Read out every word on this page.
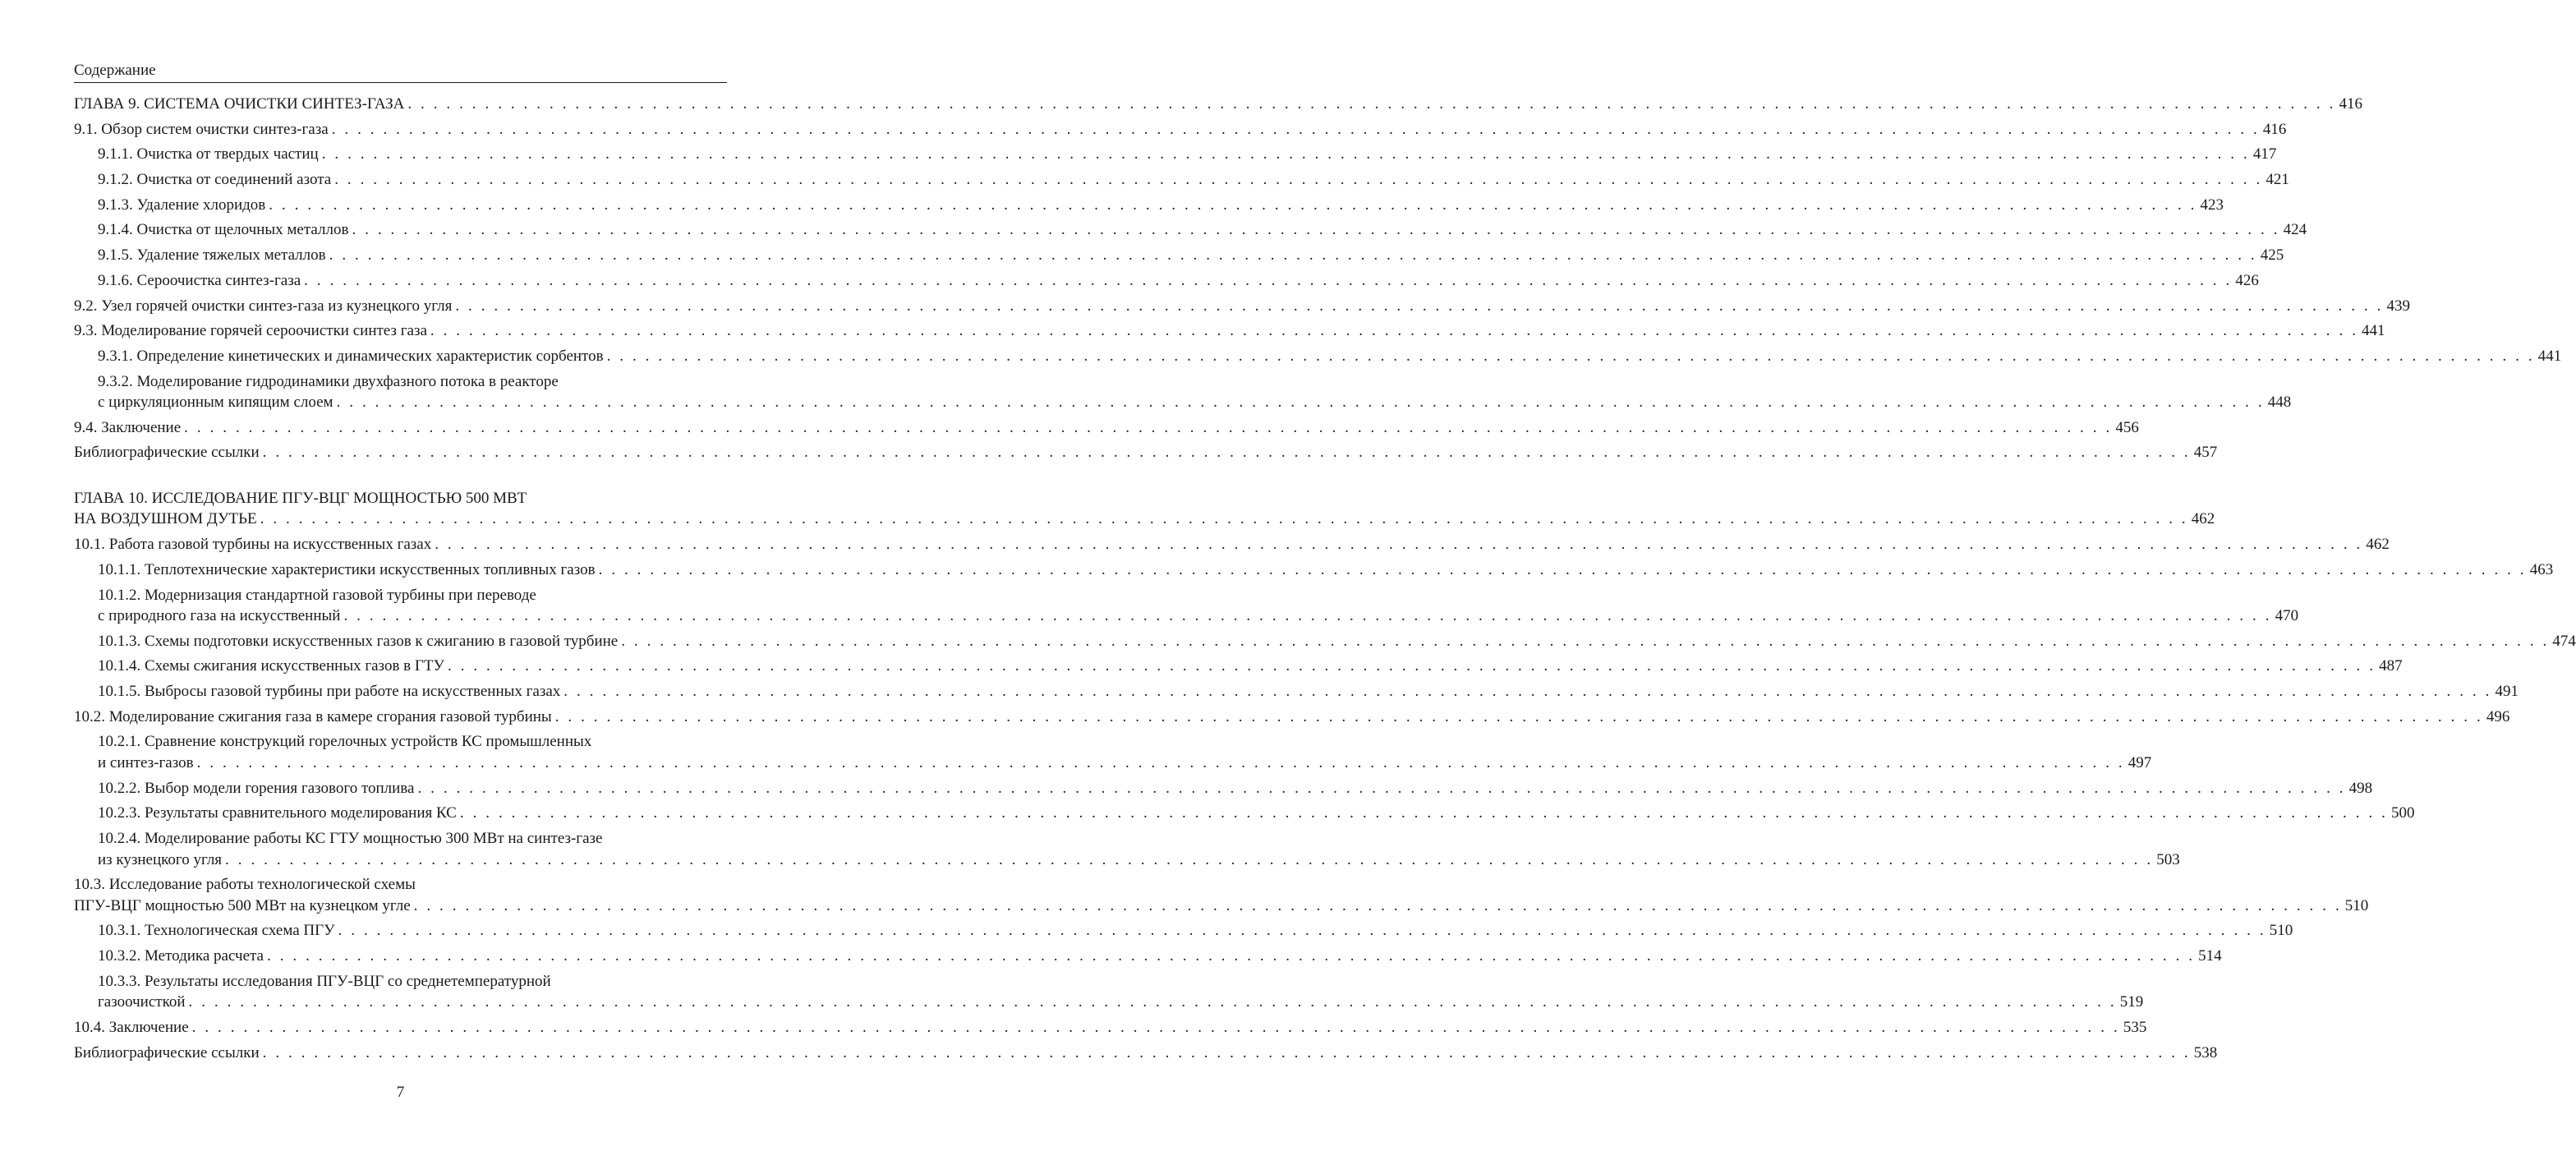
Содержание
ГЛАВА 9. СИСТЕМА ОЧИСТКИ СИНТЕЗ-ГАЗА . . . . . . . . . . . . . . . . . . . . . . . . . . . . . . . . . . . . . . . . . . . . . . . . . . . . . . . . . . . . . . . . . . . . . . . . . . . . . . . . . . . . . . . . . . . . . . . . . . . . . . . . . . . . . . . . . . . . . . . . . . . . . . . . . . . . . . . . . . . . . . . . . . . . . . 416
9.1. Обзор систем очистки синтез-газа . . . . . . . . . . . . . . . . . . . . . . . . . . . . . . . . . . . . . . . . . . . . . . . . . . . . . . . . . . . . . . . . . . . . . . . . . . . . . . . . . . . . . . . . . . . . . . . . . . . . . . . . . . . . . . . . . . . . . . . . . . . . . . . . . . . . . . . . . . . . . . . . . . . . . . 416
9.1.1. Очистка от твердых частиц . . . . . . . . . . . . . . . . . . . . . . . . . . . . . . . . . . . . . . . . . . . . . . . . . . . . . . . . . . . . . . . . . . . . . . . . . . . . . . . . . . . . . . . . . . . . . . . . . . . . . . . . . . . . . . . . . . . . . . . . . . . . . . . . . . . . . . . . . . . . . . . . . . . . . . 417
9.1.2. Очистка от соединений азота . . . . . . . . . . . . . . . . . . . . . . . . . . . . . . . . . . . . . . . . . . . . . . . . . . . . . . . . . . . . . . . . . . . . . . . . . . . . . . . . . . . . . . . . . . . . . . . . . . . . . . . . . . . . . . . . . . . . . . . . . . . . . . . . . . . . . . . . . . . . . . . . . . . . . . 421
9.1.3. Удаление хлоридов . . . . . . . . . . . . . . . . . . . . . . . . . . . . . . . . . . . . . . . . . . . . . . . . . . . . . . . . . . . . . . . . . . . . . . . . . . . . . . . . . . . . . . . . . . . . . . . . . . . . . . . . . . . . . . . . . . . . . . . . . . . . . . . . . . . . . . . . . . . . . . . . . . . . . . 423
9.1.4. Очистка от щелочных металлов . . . . . . . . . . . . . . . . . . . . . . . . . . . . . . . . . . . . . . . . . . . . . . . . . . . . . . . . . . . . . . . . . . . . . . . . . . . . . . . . . . . . . . . . . . . . . . . . . . . . . . . . . . . . . . . . . . . . . . . . . . . . . . . . . . . . . . . . . . . . . . . . . . . . . . 424
9.1.5. Удаление тяжелых металлов . . . . . . . . . . . . . . . . . . . . . . . . . . . . . . . . . . . . . . . . . . . . . . . . . . . . . . . . . . . . . . . . . . . . . . . . . . . . . . . . . . . . . . . . . . . . . . . . . . . . . . . . . . . . . . . . . . . . . . . . . . . . . . . . . . . . . . . . . . . . . . . . . . . . . . 425
9.1.6. Сероочистка синтез-газа . . . . . . . . . . . . . . . . . . . . . . . . . . . . . . . . . . . . . . . . . . . . . . . . . . . . . . . . . . . . . . . . . . . . . . . . . . . . . . . . . . . . . . . . . . . . . . . . . . . . . . . . . . . . . . . . . . . . . . . . . . . . . . . . . . . . . . . . . . . . . . . . . . . . . . 426
9.2. Узел горячей очистки синтез-газа из кузнецкого угля . . . . . . . . . . . . . . . . . . . . . . . . . . . . . . . . . . . . . . . . . . . . . . . . . . . . . . . . . . . . . . . . . . . . . . . . . . . . . . . . . . . . . . . . . . . . . . . . . . . . . . . . . . . . . . . . . . . . . . . . . . . . . . . . . . . . . . . . . . . . . . . . . . . . . . 439
9.3. Моделирование горячей сероочистки синтез газа . . . . . . . . . . . . . . . . . . . . . . . . . . . . . . . . . . . . . . . . . . . . . . . . . . . . . . . . . . . . . . . . . . . . . . . . . . . . . . . . . . . . . . . . . . . . . . . . . . . . . . . . . . . . . . . . . . . . . . . . . . . . . . . . . . . . . . . . . . . . . . . . . . . . . . 441
9.3.1. Определение кинетических и динамических характеристик сорбентов . . . . . . . . . . . . . . . . . . . . . . . . . . . . . . . . . . . . . . . . . . . . . . . . . . . . . . . . . . . . . . . . . . . . . . . . . . . . . . . . . . . . . . . . . . . . . . . . . . . . . . . . . . . . . . . . . . . . . . . . . . . . . . . . . . . . . . . . . . . . . . . . . . . . . . 441
9.3.2. Моделирование гидродинамики двухфазного потока в реакторе
с циркуляционным кипящим слоем . . . . . . . . . . . . . . . . . . . . . . . . . . . . . . . . . . . . . . . . . . . . . . . . . . . . . . . . . . . . . . . . . . . . . . . . . . . . . . . . . . . . . . . . . . . . . . . . . . . . . . . . . . . . . . . . . . . . . . . . . . . . . . . . . . . . . . . . . . . . . . . . . . . . . . 448
9.4. Заключение . . . . . . . . . . . . . . . . . . . . . . . . . . . . . . . . . . . . . . . . . . . . . . . . . . . . . . . . . . . . . . . . . . . . . . . . . . . . . . . . . . . . . . . . . . . . . . . . . . . . . . . . . . . . . . . . . . . . . . . . . . . . . . . . . . . . . . . . . . . . . . . . . . . . . . 456
Библиографические ссылки . . . . . . . . . . . . . . . . . . . . . . . . . . . . . . . . . . . . . . . . . . . . . . . . . . . . . . . . . . . . . . . . . . . . . . . . . . . . . . . . . . . . . . . . . . . . . . . . . . . . . . . . . . . . . . . . . . . . . . . . . . . . . . . . . . . . . . . . . . . . . . . . . . . . . . 457
ГЛАВА 10. ИССЛЕДОВАНИЕ ПГУ-ВЦГ МОЩНОСТЬЮ 500 МВТ
НА ВОЗДУШНОМ ДУТЬЕ . . . . . . . . . . . . . . . . . . . . . . . . . . . . . . . . . . . . . . . . . . . . . . . . . . . . . . . . . . . . . . . . . . . . . . . . . . . . . . . . . . . . . . . . . . . . . . . . . . . . . . . . . . . . . . . . . . . . . . . . . . . . . . . . . . . . . . . . . . . . . . . . . . . . . . 462
10.1. Работа газовой турбины на искусственных газах . . . . . . . . . . . . . . . . . . . . . . . . . . . . . . . . . . . . . . . . . . . . . . . . . . . . . . . . . . . . . . . . . . . . . . . . . . . . . . . . . . . . . . . . . . . . . . . . . . . . . . . . . . . . . . . . . . . . . . . . . . . . . . . . . . . . . . . . . . . . . . . . . . . . . . 462
10.1.1. Теплотехнические характеристики искусственных топливных газов . . . . . . . . . . . . . . . . . . . . . . . . . . . . . . . . . . . . . . . . . . . . . . . . . . . . . . . . . . . . . . . . . . . . . . . . . . . . . . . . . . . . . . . . . . . . . . . . . . . . . . . . . . . . . . . . . . . . . . . . . . . . . . . . . . . . . . . . . . . . . . . . . . . . . . 463
10.1.2. Модернизация стандартной газовой турбины при переводе
с природного газа на искусственный . . . . . . . . . . . . . . . . . . . . . . . . . . . . . . . . . . . . . . . . . . . . . . . . . . . . . . . . . . . . . . . . . . . . . . . . . . . . . . . . . . . . . . . . . . . . . . . . . . . . . . . . . . . . . . . . . . . . . . . . . . . . . . . . . . . . . . . . . . . . . . . . . . . . . . 470
10.1.3. Схемы подготовки искусственных газов к сжиганию в газовой турбине . . . . . . . . . . . . . . . . . . . . . . . . . . . . . . . . . . . . . . . . . . . . . . . . . . . . . . . . . . . . . . . . . . . . . . . . . . . . . . . . . . . . . . . . . . . . . . . . . . . . . . . . . . . . . . . . . . . . . . . . . . . . . . . . . . . . . . . . . . . . . . . . . . . . . . 474
10.1.4. Схемы сжигания искусственных газов в ГТУ . . . . . . . . . . . . . . . . . . . . . . . . . . . . . . . . . . . . . . . . . . . . . . . . . . . . . . . . . . . . . . . . . . . . . . . . . . . . . . . . . . . . . . . . . . . . . . . . . . . . . . . . . . . . . . . . . . . . . . . . . . . . . . . . . . . . . . . . . . . . . . . . . . . . . . 487
10.1.5. Выбросы газовой турбины при работе на искусственных газах . . . . . . . . . . . . . . . . . . . . . . . . . . . . . . . . . . . . . . . . . . . . . . . . . . . . . . . . . . . . . . . . . . . . . . . . . . . . . . . . . . . . . . . . . . . . . . . . . . . . . . . . . . . . . . . . . . . . . . . . . . . . . . . . . . . . . . . . . . . . . . . . . . . . . . 491
10.2. Моделирование сжигания газа в камере сгорания газовой турбины . . . . . . . . . . . . . . . . . . . . . . . . . . . . . . . . . . . . . . . . . . . . . . . . . . . . . . . . . . . . . . . . . . . . . . . . . . . . . . . . . . . . . . . . . . . . . . . . . . . . . . . . . . . . . . . . . . . . . . . . . . . . . . . . . . . . . . . . . . . . . . . . . . . . . . 496
10.2.1. Сравнение конструкций горелочных устройств КС промышленных
и синтез-газов . . . . . . . . . . . . . . . . . . . . . . . . . . . . . . . . . . . . . . . . . . . . . . . . . . . . . . . . . . . . . . . . . . . . . . . . . . . . . . . . . . . . . . . . . . . . . . . . . . . . . . . . . . . . . . . . . . . . . . . . . . . . . . . . . . . . . . . . . . . . . . . . . . . . . . 497
10.2.2. Выбор модели горения газового топлива . . . . . . . . . . . . . . . . . . . . . . . . . . . . . . . . . . . . . . . . . . . . . . . . . . . . . . . . . . . . . . . . . . . . . . . . . . . . . . . . . . . . . . . . . . . . . . . . . . . . . . . . . . . . . . . . . . . . . . . . . . . . . . . . . . . . . . . . . . . . . . . . . . . . . . 498
10.2.3. Результаты сравнительного моделирования КС . . . . . . . . . . . . . . . . . . . . . . . . . . . . . . . . . . . . . . . . . . . . . . . . . . . . . . . . . . . . . . . . . . . . . . . . . . . . . . . . . . . . . . . . . . . . . . . . . . . . . . . . . . . . . . . . . . . . . . . . . . . . . . . . . . . . . . . . . . . . . . . . . . . . . . 500
10.2.4. Моделирование работы КС ГТУ мощностью 300 МВт на синтез-газе
из кузнецкого угля . . . . . . . . . . . . . . . . . . . . . . . . . . . . . . . . . . . . . . . . . . . . . . . . . . . . . . . . . . . . . . . . . . . . . . . . . . . . . . . . . . . . . . . . . . . . . . . . . . . . . . . . . . . . . . . . . . . . . . . . . . . . . . . . . . . . . . . . . . . . . . . . . . . . . . 503
10.3. Исследование работы технологической схемы
ПГУ-ВЦГ мощностью 500 МВт на кузнецком угле . . . . . . . . . . . . . . . . . . . . . . . . . . . . . . . . . . . . . . . . . . . . . . . . . . . . . . . . . . . . . . . . . . . . . . . . . . . . . . . . . . . . . . . . . . . . . . . . . . . . . . . . . . . . . . . . . . . . . . . . . . . . . . . . . . . . . . . . . . . . . . . . . . . . . . 510
10.3.1. Технологическая схема ПГУ . . . . . . . . . . . . . . . . . . . . . . . . . . . . . . . . . . . . . . . . . . . . . . . . . . . . . . . . . . . . . . . . . . . . . . . . . . . . . . . . . . . . . . . . . . . . . . . . . . . . . . . . . . . . . . . . . . . . . . . . . . . . . . . . . . . . . . . . . . . . . . . . . . . . . . 510
10.3.2. Методика расчета . . . . . . . . . . . . . . . . . . . . . . . . . . . . . . . . . . . . . . . . . . . . . . . . . . . . . . . . . . . . . . . . . . . . . . . . . . . . . . . . . . . . . . . . . . . . . . . . . . . . . . . . . . . . . . . . . . . . . . . . . . . . . . . . . . . . . . . . . . . . . . . . . . . . . . 514
10.3.3. Результаты исследования ПГУ-ВЦГ со среднетемпературной
газоочисткой . . . . . . . . . . . . . . . . . . . . . . . . . . . . . . . . . . . . . . . . . . . . . . . . . . . . . . . . . . . . . . . . . . . . . . . . . . . . . . . . . . . . . . . . . . . . . . . . . . . . . . . . . . . . . . . . . . . . . . . . . . . . . . . . . . . . . . . . . . . . . . . . . . . . . . 519
10.4. Заключение . . . . . . . . . . . . . . . . . . . . . . . . . . . . . . . . . . . . . . . . . . . . . . . . . . . . . . . . . . . . . . . . . . . . . . . . . . . . . . . . . . . . . . . . . . . . . . . . . . . . . . . . . . . . . . . . . . . . . . . . . . . . . . . . . . . . . . . . . . . . . . . . . . . . . . 535
Библиографические ссылки . . . . . . . . . . . . . . . . . . . . . . . . . . . . . . . . . . . . . . . . . . . . . . . . . . . . . . . . . . . . . . . . . . . . . . . . . . . . . . . . . . . . . . . . . . . . . . . . . . . . . . . . . . . . . . . . . . . . . . . . . . . . . . . . . . . . . . . . . . . . . . . . . . . . . . 538
7
